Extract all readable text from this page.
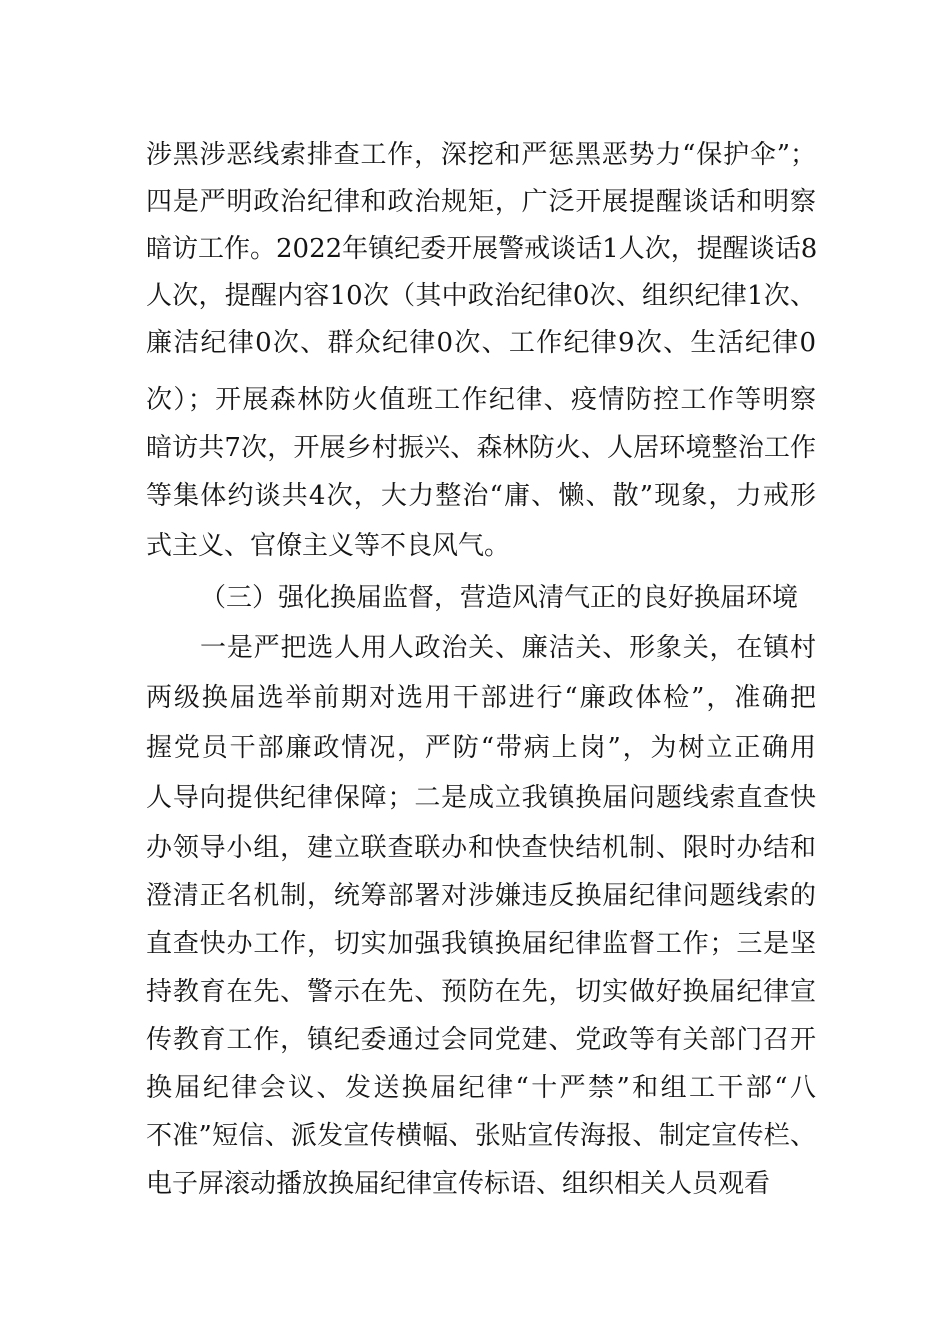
涉黑涉恶线索排查工作，深挖和严惩黑恶势力“保护伞”；
四是严明政治纪律和政治规矩，广泛开展提醒谈话和明察
暗访工作。2022年镇纪委开展警戒谈话1人次，提醒谈话8
人次，提醒内容10次（其中政治纪律0次、组织纪律1次、
廉洁纪律0次、群众纪律0次、工作纪律9次、生活纪律0
次）；开展森林防火值班工作纪律、疫情防控工作等明察
暗访共7次，开展乡村振兴、森林防火、人居环境整治工作
等集体约谈共4次，大力整治“庸、懒、散”现象，力戒形
式主义、官僚主义等不良风气。
（三）强化换届监督，营造风清气正的良好换届环境
一是严把选人用人政治关、廉洁关、形象关，在镇村
两级换届选举前期对选用干部进行“廉政体检”，准确把
握党员干部廉政情况，严防“带病上岗”，为树立正确用
人导向提供纪律保障；二是成立我镇换届问题线索直查快
办领导小组，建立联查联办和快查快结机制、限时办结和
澄清正名机制，统筹部署对涉嫌违反换届纪律问题线索的
直查快办工作，切实加强我镇换届纪律监督工作；三是坚
持教育在先、警示在先、预防在先，切实做好换届纪律宣
传教育工作，镇纪委通过会同党建、党政等有关部门召开
换届纪律会议、发送换届纪律“十严禁”和组工干部“八
不准”短信、派发宣传横幅、张贴宣传海报、制定宣传栏、
电子屏滚动播放换届纪律宣传标语、组织相关人员观看
